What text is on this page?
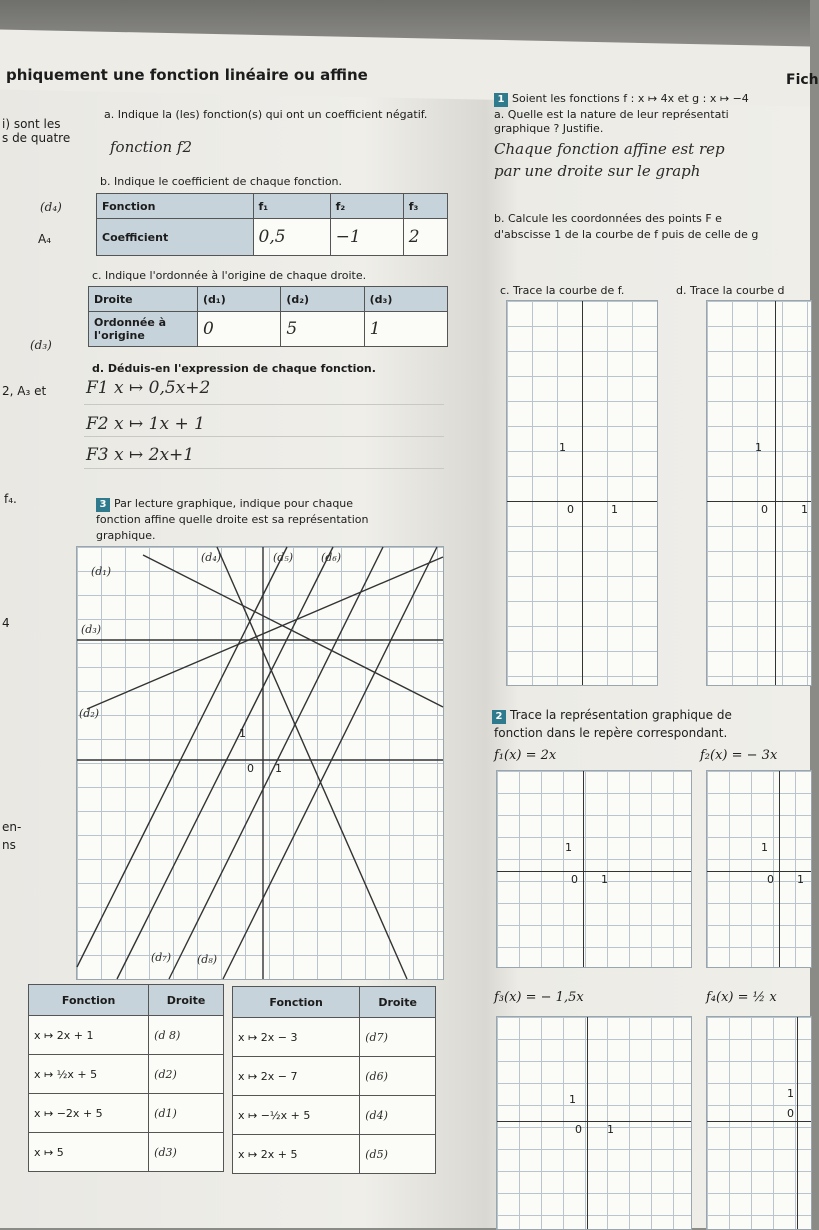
phiquement une fonction linéaire ou affine	Fich
i) sont les
s de quatre
(d₄)
A₄
(d₃)
2, A₃ et
f₄.
4
en-
ns
a. Indique la (les) fonction(s) qui ont un coefficient négatif.
fonction f2
b. Indique le coefficient de chaque fonction.
Fonction	f₁	f₂	f₃
Coefficient	0,5	−1	2
c. Indique l'ordonnée à l'origine de chaque droite.
Droite	(d₁)	(d₂)	(d₃)
Ordonnée à l'origine	0	5	1
d. Déduis-en l'expression de chaque fonction.
F1 x ↦ 0,5x+2
F2 x ↦ 1x + 1
F3 x ↦ 2x+1
3 Par lecture graphique, indique pour chaque
fonction affine quelle droite est sa représentation
graphique.
(d₄)	(d₅)	(d₆)
(d₁)
(d₃)
(d₂)
(d₇) (d₈)
1
0 1
Fonction	Droite
x ↦ 2x + 1	(d 8)
x ↦ ½x + 5	(d2)
x ↦ −2x + 5	(d1)
x ↦ 5	(d3)
Fonction	Droite
x ↦ 2x − 3	(d7)
x ↦ 2x − 7	(d6)
x ↦ −½x + 5	(d4)
x ↦ 2x + 5	(d5)
1 Soient les fonctions f : x ↦ 4x et g : x ↦ −4
a. Quelle est la nature de leur représentati
graphique ? Justifie.
Chaque fonction affine est rep
par une droite sur le graph
b. Calcule les coordonnées des points F e
d'abscisse 1 de la courbe de f puis de celle de g
c. Trace la courbe de f.	d. Trace la courbe d
1
0	1
1
0	1
2 Trace la représentation graphique de
fonction dans le repère correspondant.
f₁(x) = 2x	f₂(x) = − 3x
1
0 1
1
0 1
f₃(x) = − 1,5x	f₄(x) = ½ x
1
0 1
1
0
